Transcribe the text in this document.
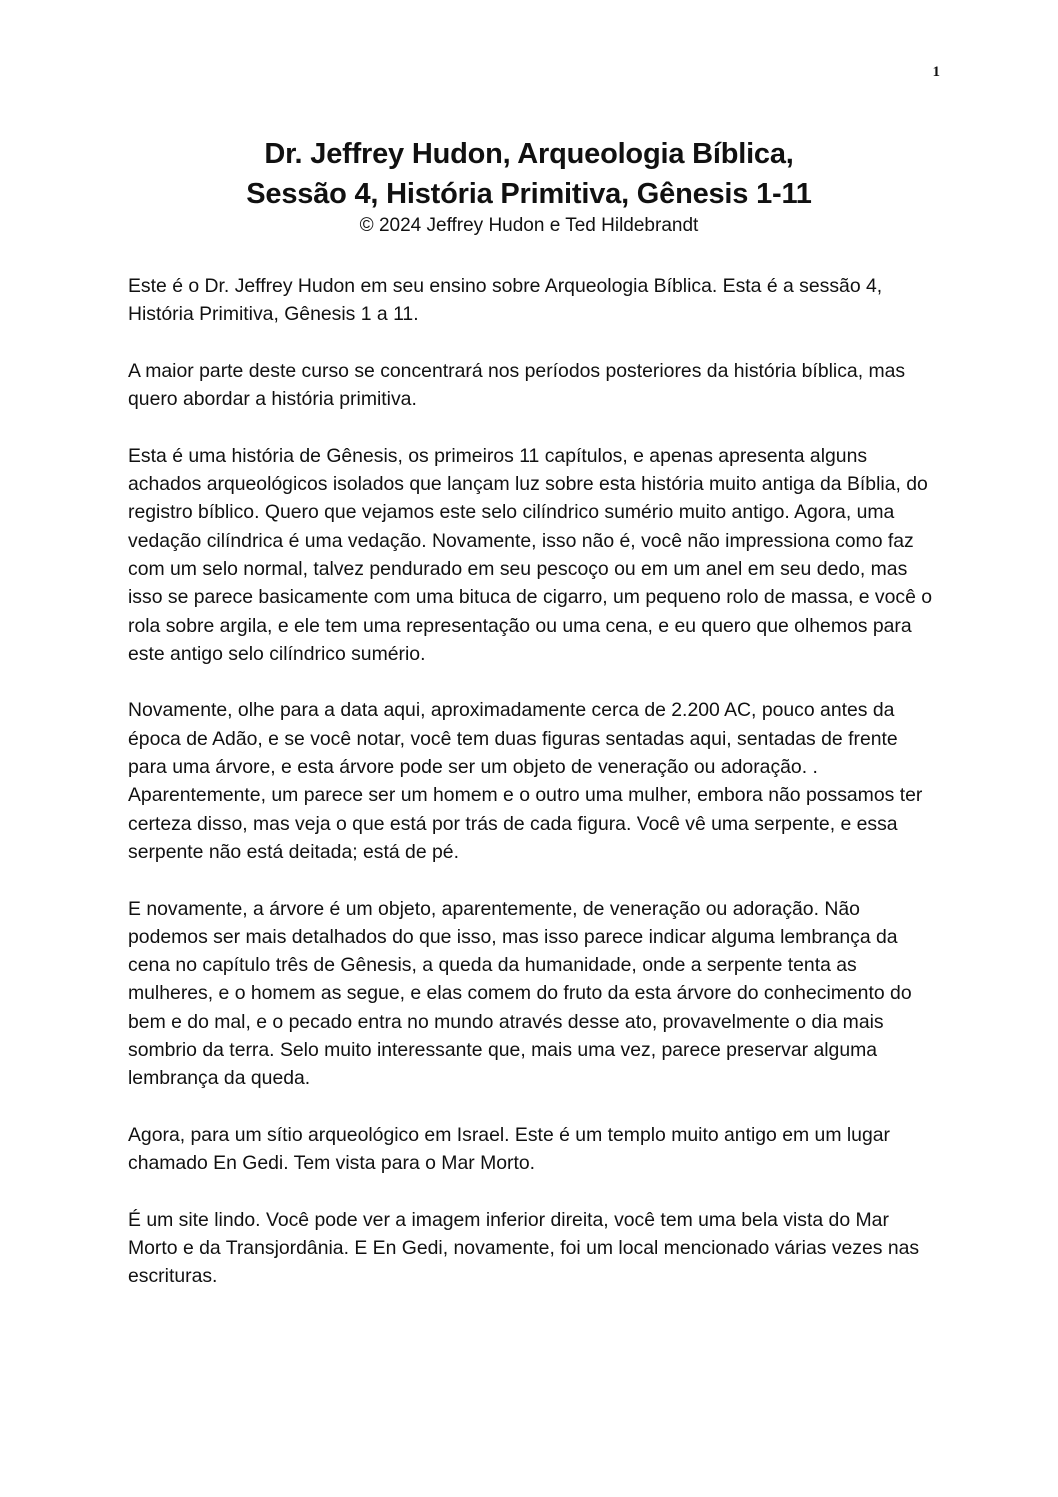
1
Dr. Jeffrey Hudon, Arqueologia Bíblica,
Sessão 4, História Primitiva, Gênesis 1-11
© 2024 Jeffrey Hudon e Ted Hildebrandt

Este é o Dr. Jeffrey Hudon em seu ensino sobre Arqueologia Bíblica. Esta é a sessão 4, História Primitiva, Gênesis 1 a 11.

A maior parte deste curso se concentrará nos períodos posteriores da história bíblica, mas quero abordar a história primitiva.

Esta é uma história de Gênesis, os primeiros 11 capítulos, e apenas apresenta alguns achados arqueológicos isolados que lançam luz sobre esta história muito antiga da Bíblia, do registro bíblico. Quero que vejamos este selo cilíndrico sumério muito antigo. Agora, uma vedação cilíndrica é uma vedação. Novamente, isso não é, você não impressiona como faz com um selo normal, talvez pendurado em seu pescoço ou em um anel em seu dedo, mas isso se parece basicamente com uma bituca de cigarro, um pequeno rolo de massa, e você o rola sobre argila, e ele tem uma representação ou uma cena, e eu quero que olhemos para este antigo selo cilíndrico sumério.

Novamente, olhe para a data aqui, aproximadamente cerca de 2.200 AC, pouco antes da época de Adão, e se você notar, você tem duas figuras sentadas aqui, sentadas de frente para uma árvore, e esta árvore pode ser um objeto de veneração ou adoração. . Aparentemente, um parece ser um homem e o outro uma mulher, embora não possamos ter certeza disso, mas veja o que está por trás de cada figura. Você vê uma serpente, e essa serpente não está deitada; está de pé.

E novamente, a árvore é um objeto, aparentemente, de veneração ou adoração. Não podemos ser mais detalhados do que isso, mas isso parece indicar alguma lembrança da cena no capítulo três de Gênesis, a queda da humanidade, onde a serpente tenta as mulheres, e o homem as segue, e elas comem do fruto da esta árvore do conhecimento do bem e do mal, e o pecado entra no mundo através desse ato, provavelmente o dia mais sombrio da terra. Selo muito interessante que, mais uma vez, parece preservar alguma lembrança da queda.

Agora, para um sítio arqueológico em Israel. Este é um templo muito antigo em um lugar chamado En Gedi. Tem vista para o Mar Morto.

É um site lindo. Você pode ver a imagem inferior direita, você tem uma bela vista do Mar Morto e da Transjordânia. E En Gedi, novamente, foi um local mencionado várias vezes nas escrituras.
